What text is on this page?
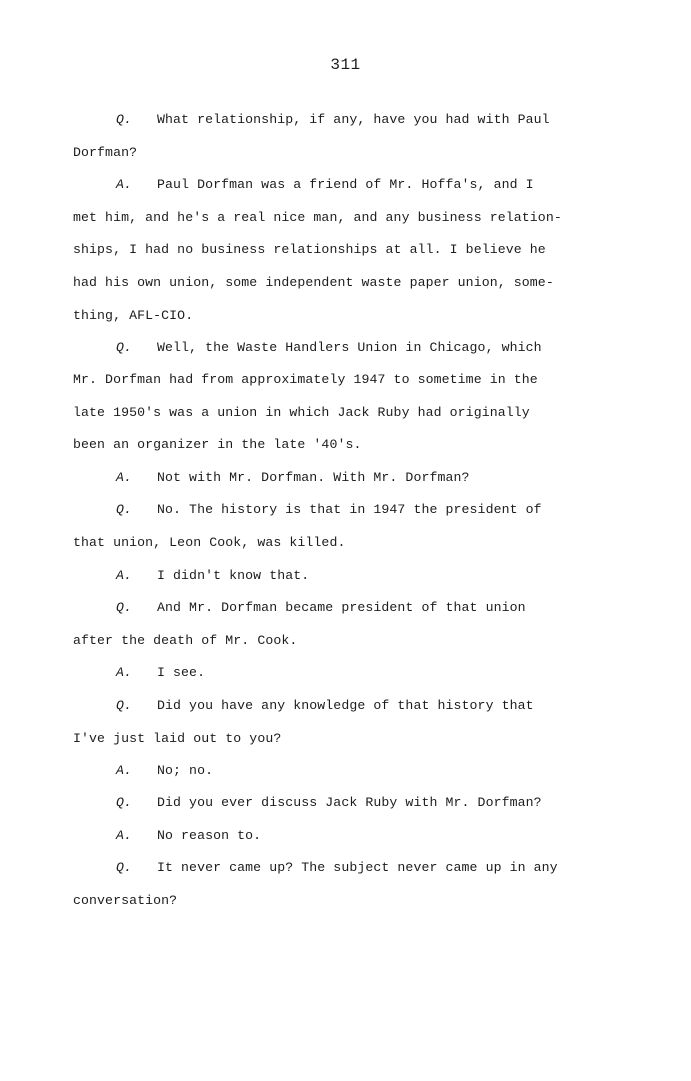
311
Q. What relationship, if any, have you had with Paul
Dorfman?
A. Paul Dorfman was a friend of Mr. Hoffa's, and I
met him, and he's a real nice man, and any business relation-
ships, I had no business relationships at all. I believe he
had his own union, some independent waste paper union, some-
thing, AFL-CIO.
Q. Well, the Waste Handlers Union in Chicago, which
Mr. Dorfman had from approximately 1947 to sometime in the
late 1950's was a union in which Jack Ruby had originally
been an organizer in the late '40's.
A. Not with Mr. Dorfman. With Mr. Dorfman?
Q. No. The history is that in 1947 the president of
that union, Leon Cook, was killed.
A. I didn't know that.
Q. And Mr. Dorfman became president of that union
after the death of Mr. Cook.
A. I see.
Q. Did you have any knowledge of that history that
I've just laid out to you?
A. No; no.
Q. Did you ever discuss Jack Ruby with Mr. Dorfman?
A. No reason to.
Q. It never came up? The subject never came up in any
conversation?
